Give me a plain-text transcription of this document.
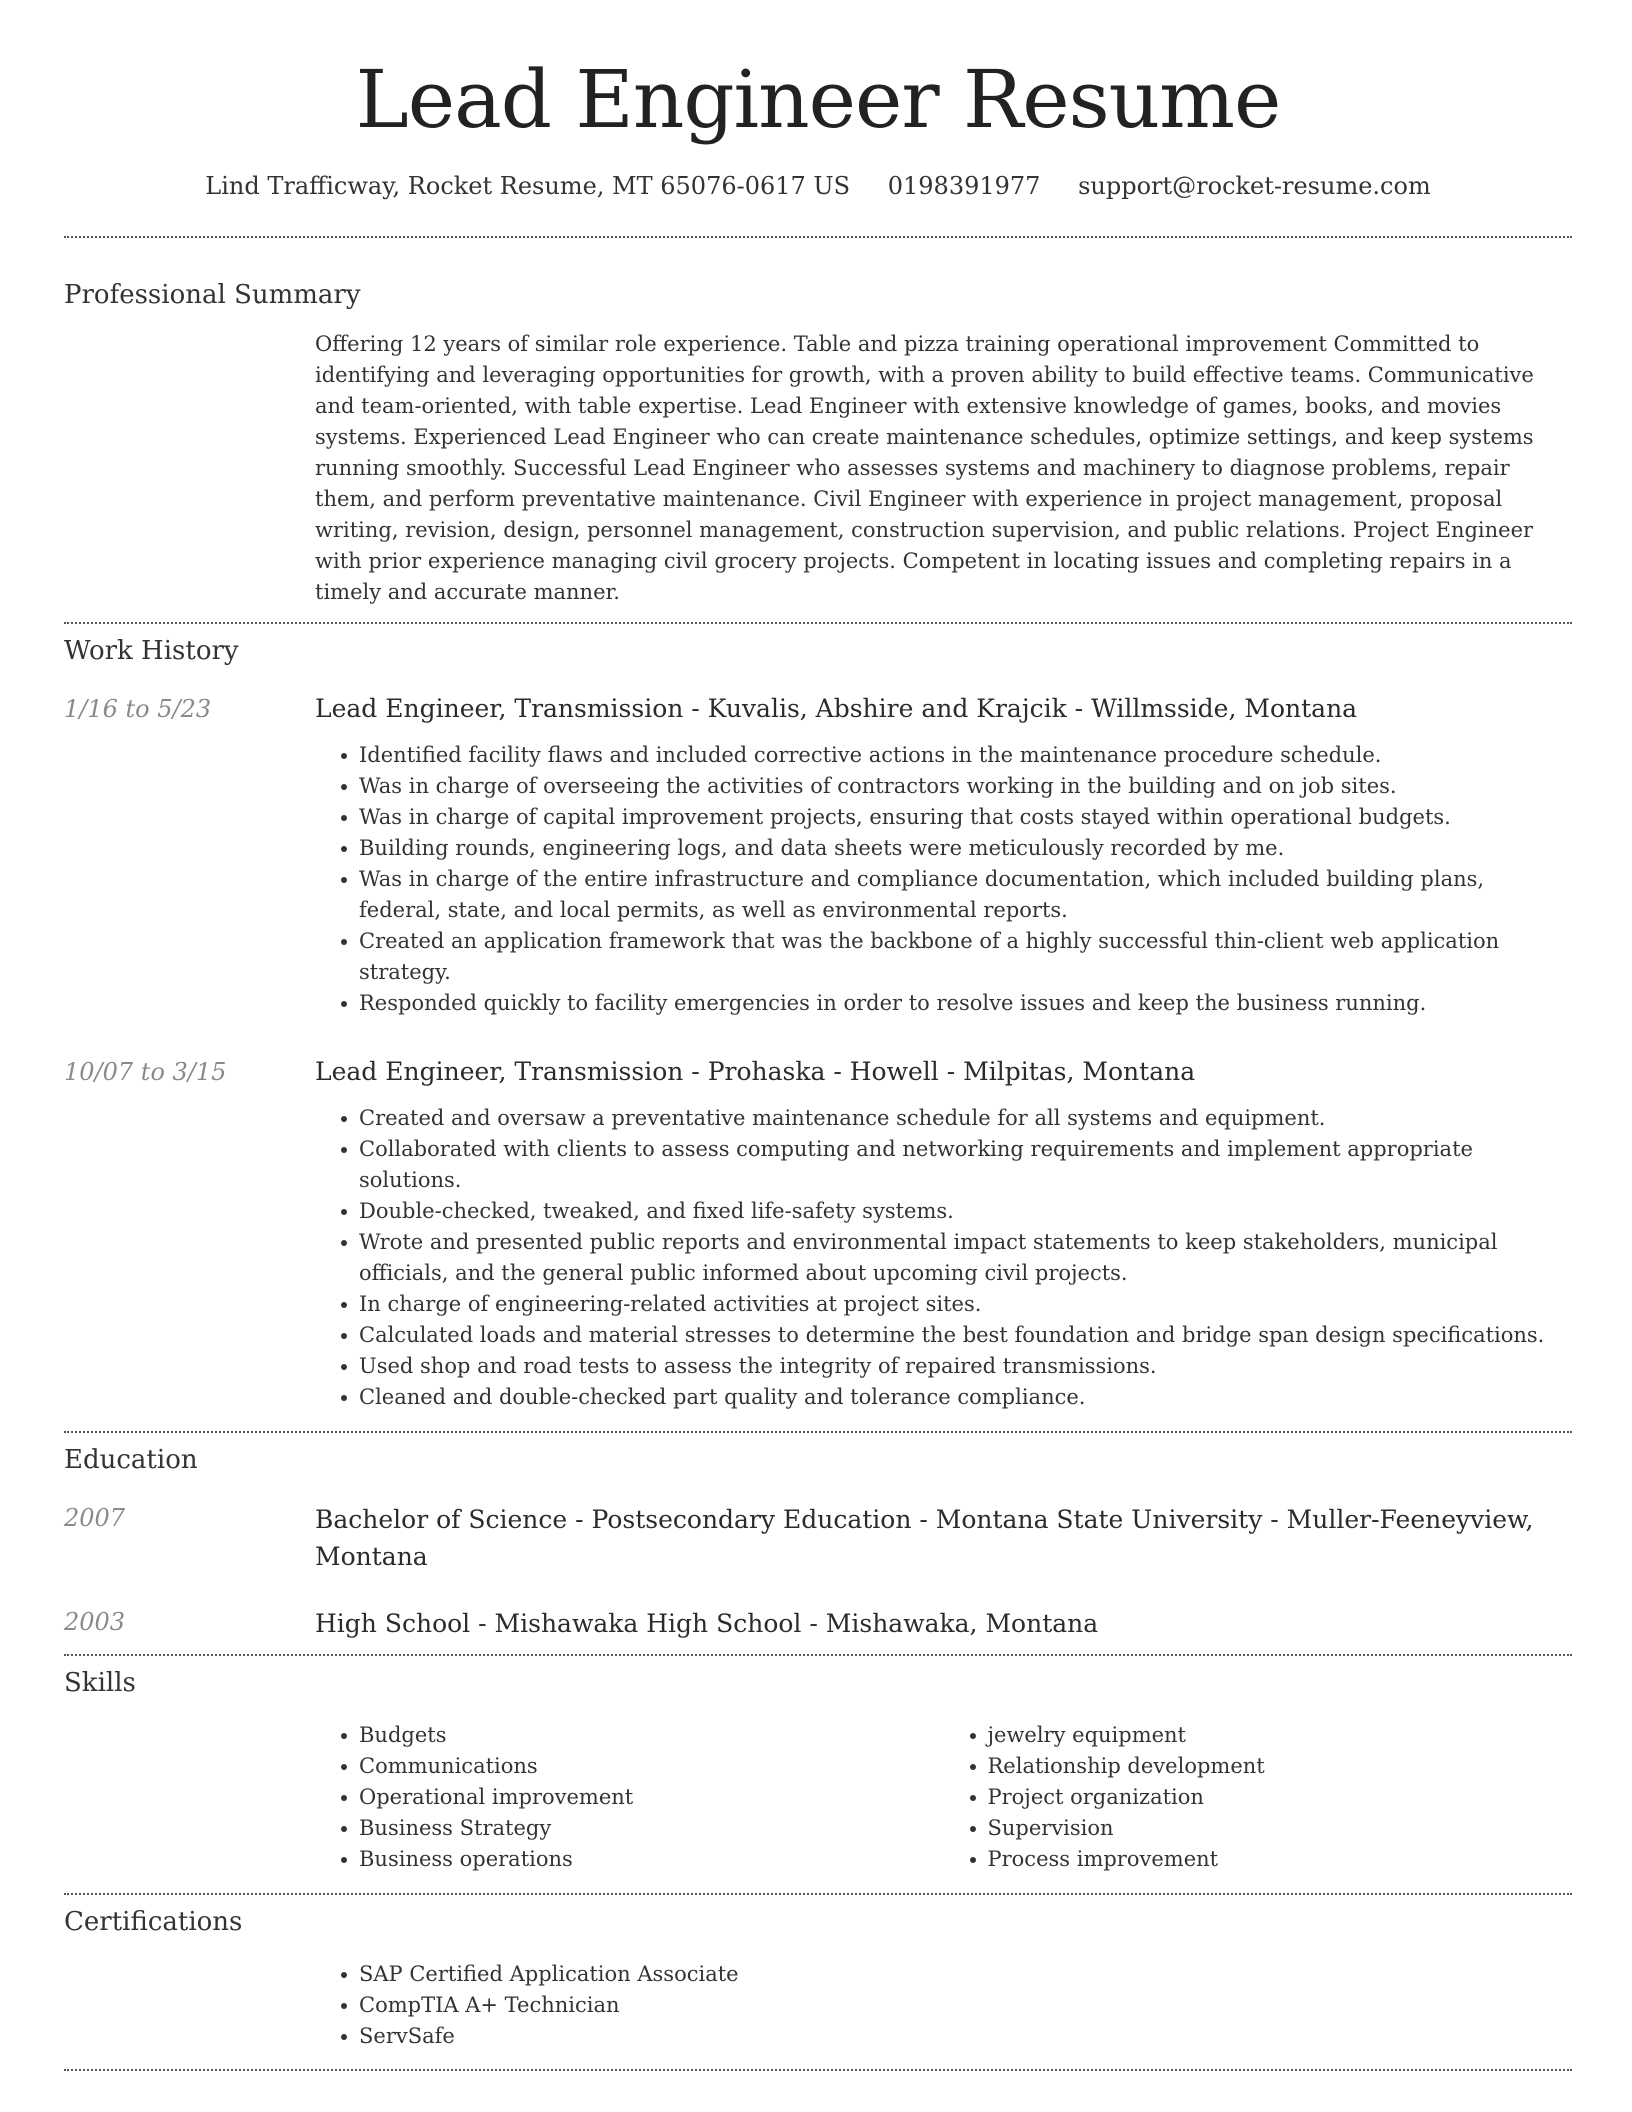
Lead Engineer Resume
Lind Trafficway, Rocket Resume, MT 65076-0617 US 0198391977 support@rocket-resume.com
Professional Summary
Offering 12 years of similar role experience. Table and pizza training operational improvement Committed to identifying and leveraging opportunities for growth, with a proven ability to build effective teams. Communicative and team-oriented, with table expertise. Lead Engineer with extensive knowledge of games, books, and movies systems. Experienced Lead Engineer who can create maintenance schedules, optimize settings, and keep systems running smoothly. Successful Lead Engineer who assesses systems and machinery to diagnose problems, repair them, and perform preventative maintenance. Civil Engineer with experience in project management, proposal writing, revision, design, personnel management, construction supervision, and public relations. Project Engineer with prior experience managing civil grocery projects. Competent in locating issues and completing repairs in a timely and accurate manner.
Work History
1/16 to 5/23	Lead Engineer, Transmission - Kuvalis, Abshire and Krajcik - Willmsside, Montana
Identified facility flaws and included corrective actions in the maintenance procedure schedule.
Was in charge of overseeing the activities of contractors working in the building and on job sites.
Was in charge of capital improvement projects, ensuring that costs stayed within operational budgets.
Building rounds, engineering logs, and data sheets were meticulously recorded by me.
Was in charge of the entire infrastructure and compliance documentation, which included building plans, federal, state, and local permits, as well as environmental reports.
Created an application framework that was the backbone of a highly successful thin-client web application strategy.
Responded quickly to facility emergencies in order to resolve issues and keep the business running.
10/07 to 3/15	Lead Engineer, Transmission - Prohaska - Howell - Milpitas, Montana
Created and oversaw a preventative maintenance schedule for all systems and equipment.
Collaborated with clients to assess computing and networking requirements and implement appropriate solutions.
Double-checked, tweaked, and fixed life-safety systems.
Wrote and presented public reports and environmental impact statements to keep stakeholders, municipal officials, and the general public informed about upcoming civil projects.
In charge of engineering-related activities at project sites.
Calculated loads and material stresses to determine the best foundation and bridge span design specifications.
Used shop and road tests to assess the integrity of repaired transmissions.
Cleaned and double-checked part quality and tolerance compliance.
Education
2007	Bachelor of Science - Postsecondary Education - Montana State University - Muller-Feeneyview, Montana
2003	High School - Mishawaka High School - Mishawaka, Montana
Skills
Budgets
Communications
Operational improvement
Business Strategy
Business operations
jewelry equipment
Relationship development
Project organization
Supervision
Process improvement
Certifications
SAP Certified Application Associate
CompTIA A+ Technician
ServSafe
